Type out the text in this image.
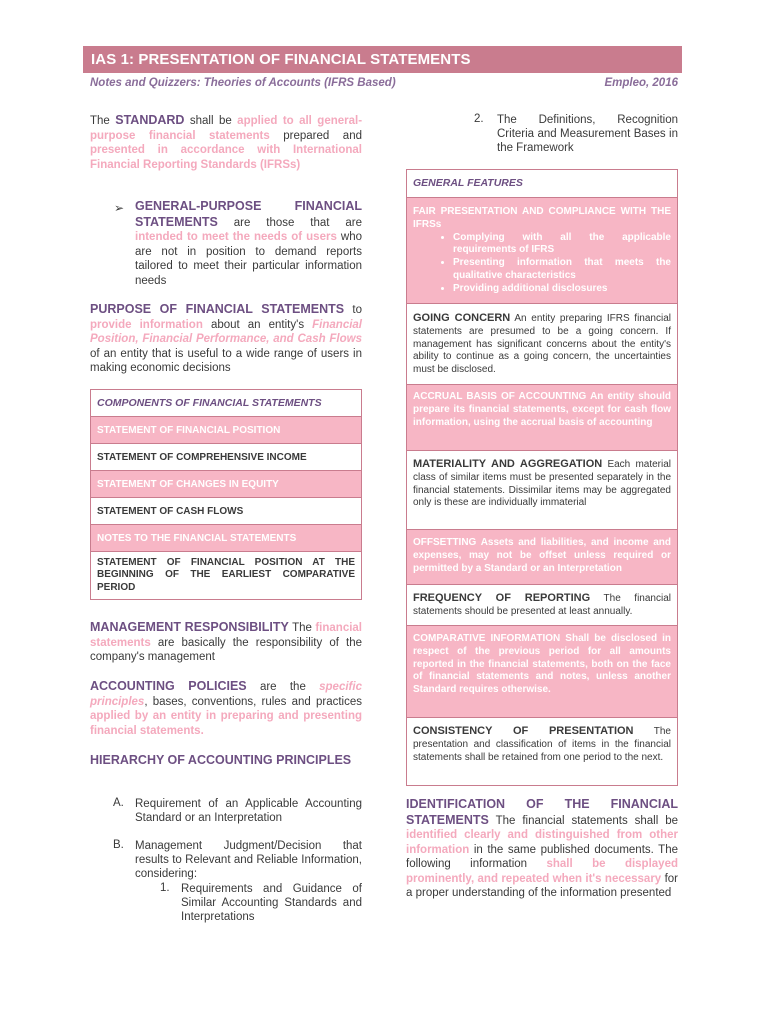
IAS 1: PRESENTATION OF FINANCIAL STATEMENTS
Notes and Quizzers: Theories of Accounts (IFRS Based)	Empleo, 2016
The STANDARD shall be applied to all general-purpose financial statements prepared and presented in accordance with International Financial Reporting Standards (IFRSs)
➢ GENERAL-PURPOSE FINANCIAL STATEMENTS are those that are intended to meet the needs of users who are not in position to demand reports tailored to meet their particular information needs
PURPOSE OF FINANCIAL STATEMENTS to provide information about an entity's Financial Position, Financial Performance, and Cash Flows of an entity that is useful to a wide range of users in making economic decisions
COMPONENTS OF FINANCIAL STATEMENTS
STATEMENT OF FINANCIAL POSITION
STATEMENT OF COMPREHENSIVE INCOME
STATEMENT OF CHANGES IN EQUITY
STATEMENT OF CASH FLOWS
NOTES TO THE FINANCIAL STATEMENTS
STATEMENT OF FINANCIAL POSITION AT THE BEGINNING OF THE EARLIEST COMPARATIVE PERIOD
MANAGEMENT RESPONSIBILITY The financial statements are basically the responsibility of the company's management
ACCOUNTING POLICIES are the specific principles, bases, conventions, rules and practices applied by an entity in preparing and presenting financial statements.
HIERARCHY OF ACCOUNTING PRINCIPLES
A. Requirement of an Applicable Accounting Standard or an Interpretation
B. Management Judgment/Decision that results to Relevant and Reliable Information, considering:
1. Requirements and Guidance of Similar Accounting Standards and Interpretations
2. The Definitions, Recognition Criteria and Measurement Bases in the Framework
GENERAL FEATURES
FAIR PRESENTATION AND COMPLIANCE WITH THE IFRSs
• Complying with all the applicable requirements of IFRS
• Presenting information that meets the qualitative characteristics
• Providing additional disclosures
GOING CONCERN An entity preparing IFRS financial statements are presumed to be a going concern. If management has significant concerns about the entity's ability to continue as a going concern, the uncertainties must be disclosed.
ACCRUAL BASIS OF ACCOUNTING An entity should prepare its financial statements, except for cash flow information, using the accrual basis of accounting
MATERIALITY AND AGGREGATION Each material class of similar items must be presented separately in the financial statements. Dissimilar items may be aggregated only is these are individually immaterial
OFFSETTING Assets and liabilities, and income and expenses, may not be offset unless required or permitted by a Standard or an Interpretation
FREQUENCY OF REPORTING The financial statements should be presented at least annually.
COMPARATIVE INFORMATION Shall be disclosed in respect of the previous period for all amounts reported in the financial statements, both on the face of financial statements and notes, unless another Standard requires otherwise.
CONSISTENCY OF PRESENTATION The presentation and classification of items in the financial statements shall be retained from one period to the next.
IDENTIFICATION OF THE FINANCIAL STATEMENTS The financial statements shall be identified clearly and distinguished from other information in the same published documents. The following information shall be displayed prominently, and repeated when it's necessary for a proper understanding of the information presented
